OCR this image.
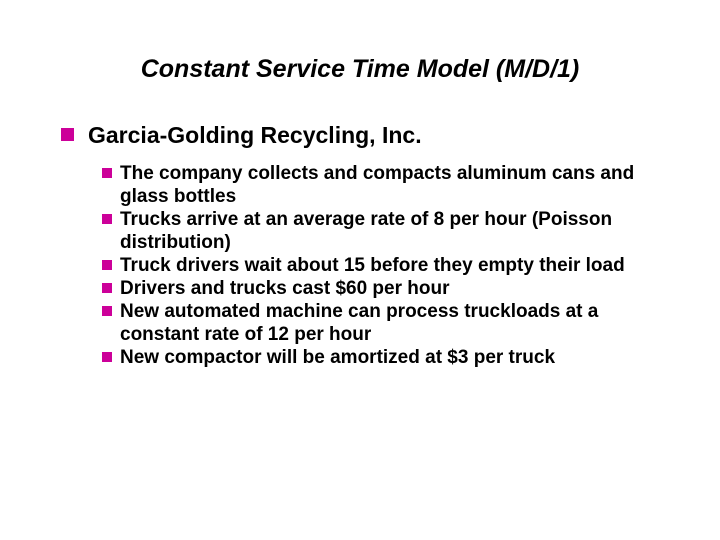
Constant Service Time Model (M/D/1)
Garcia-Golding Recycling, Inc.
The company collects and compacts aluminum cans and glass bottles
Trucks arrive at an average rate of 8 per hour (Poisson distribution)
Truck drivers wait about 15 before they empty their load
Drivers and trucks cast $60 per hour
New automated machine can process truckloads at a constant rate of 12 per hour
New compactor will be amortized at $3 per truck
